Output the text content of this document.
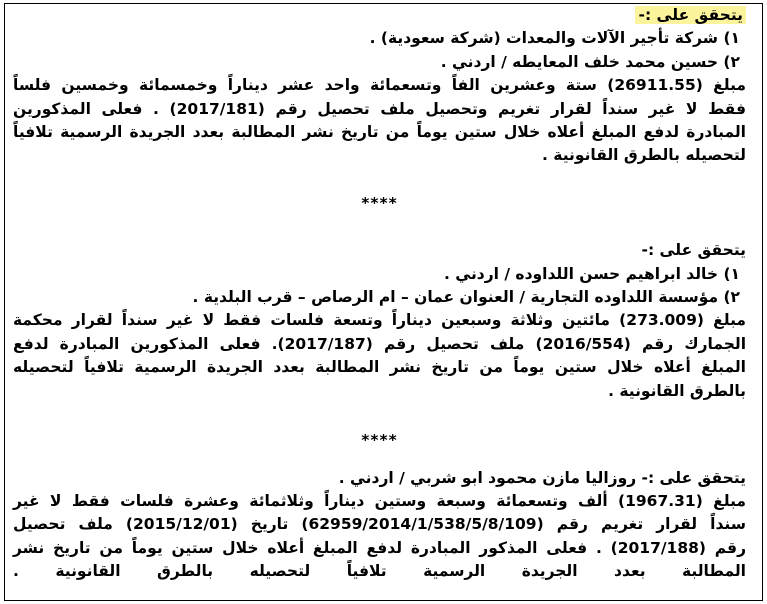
يتحقق على :-
١) شركة تأجير الآلات والمعدات (شركة سعودية) .
٢) حسين محمد خلف المعايطه / اردني .
مبلغ (26911.55) ستة وعشرين الفاً وتسعمائة واحد عشر ديناراً وخمسمائة وخمسين فلساً
فقط لا غير سنداً لقرار تغريم وتحصيل ملف تحصيل رقم (2017/181) . فعلى المذكورين
المبادرة لدفع المبلغ أعلاه خلال ستين يوماً من تاريخ نشر المطالبة بعدد الجريدة الرسمية تلافياً
لتحصيله بالطرق القانونية .
****
يتحقق على :-
١) خالد ابراهيم حسن اللداوده / اردني .
٢) مؤسسة اللداوده التجارية / العنوان عمان – ام الرصاص – قرب البلدية .
مبلغ (273.009) مائتين وثلاثة وسبعين ديناراً وتسعة فلسات فقط لا غير سنداً لقرار محكمة
الجمارك رقم (2016/554) ملف تحصيل رقم (2017/187). فعلى المذكورين المبادرة لدفع
المبلغ أعلاه خلال ستين يوماً من تاريخ نشر المطالبة بعدد الجريدة الرسمية تلافياً لتحصيله
بالطرق القانونية .
****
يتحقق على :- روزاليا مازن محمود ابو شربي / اردني .
مبلغ (1967.31) ألف وتسعمائة وسبعة وستين ديناراً وثلاثمائة وعشرة فلسات فقط لا غير
سنداً لقرار تغريم رقم (62959/2014/1/538/5/8/109) تاريخ (2015/12/01) ملف تحصيل
رقم (2017/188) . فعلى المذكور المبادرة لدفع المبلغ أعلاه خلال ستين يوماً من تاريخ نشر
المطالبة بعدد الجريدة الرسمية تلافياً لتحصيله بالطرق القانونية .
